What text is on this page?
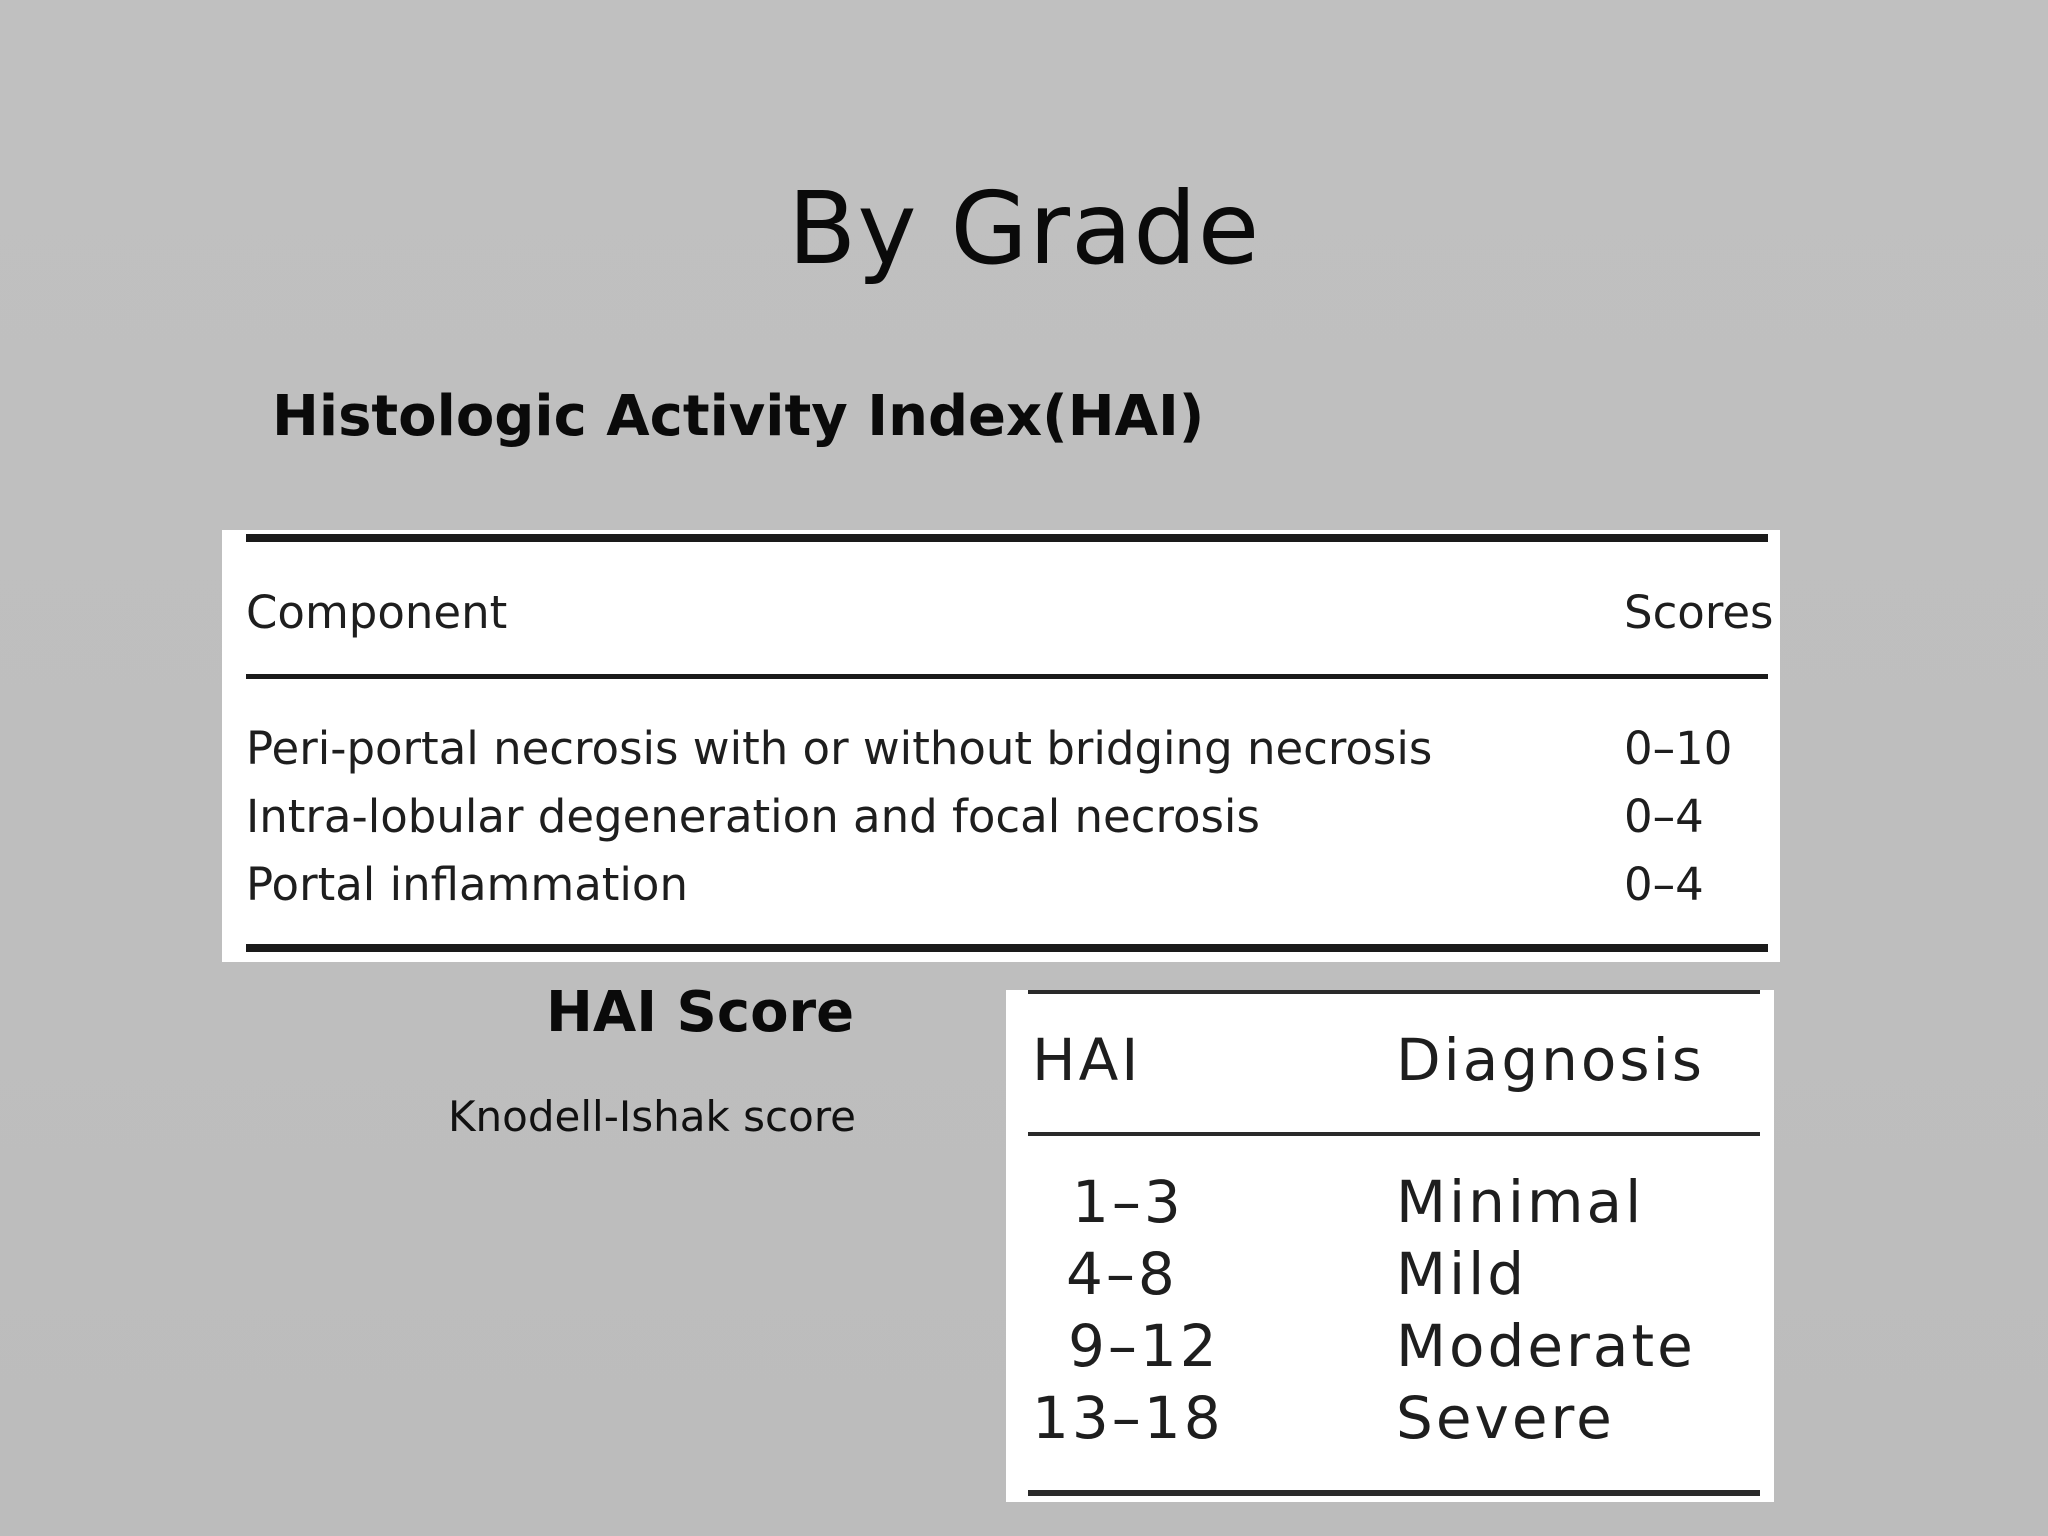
By Grade
Histologic Activity Index(HAI)
Component	Scores
Peri-portal necrosis with or without bridging necrosis	0–10
Intra-lobular degeneration and focal necrosis	0–4
Portal inflammation	0–4
HAI Score
Knodell-Ishak score
HAI	Diagnosis
1–3	Minimal
4–8	Mild
9–12	Moderate
13–18	Severe
